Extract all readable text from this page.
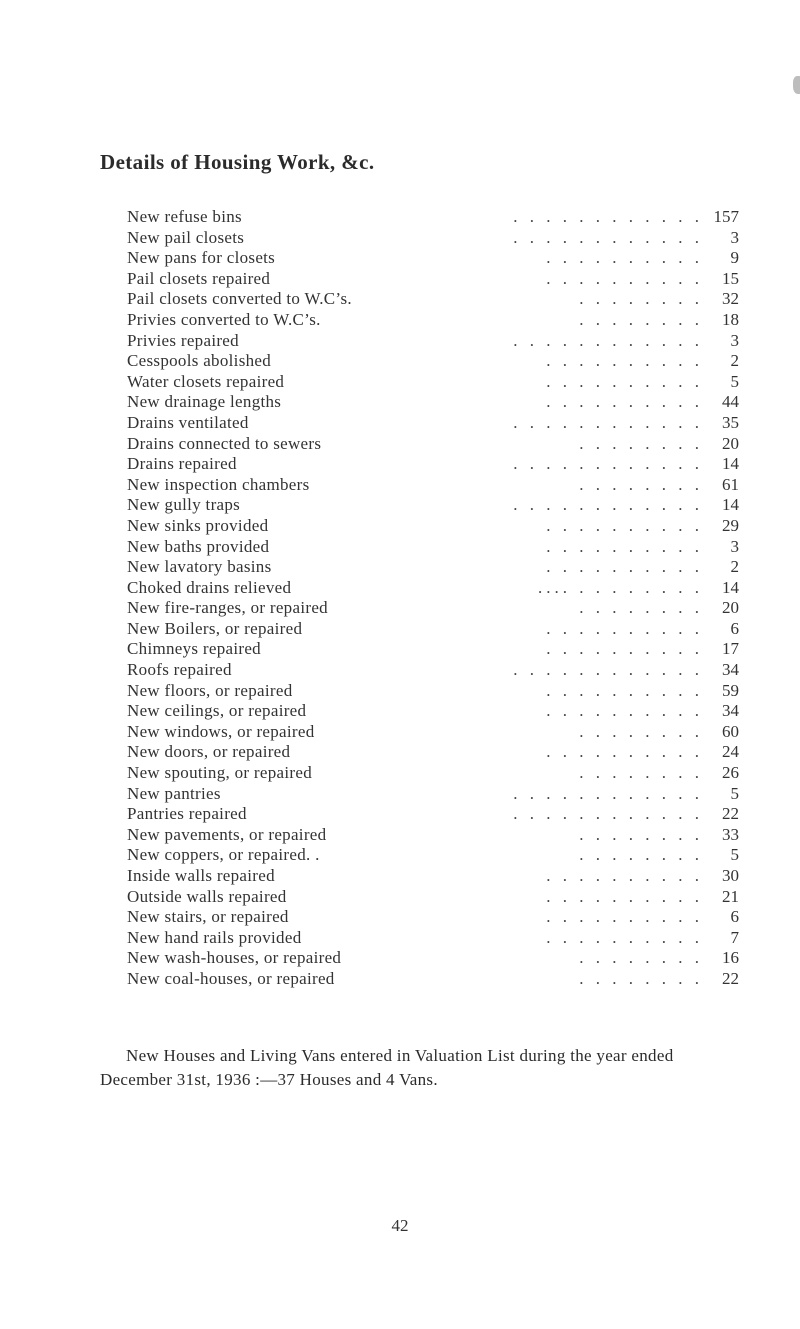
Details of Housing Work, &c.
. . . . . . . . . . . .
New refuse bins	157
. . . . . . . . . . . .
New pail closets	3
. . . . . . . . . .
New pans for closets	9
. . . . . . . . . .
Pail closets repaired	15
. . . . . . . .
Pail closets converted to W.C’s.	32
. . . . . . . .
Privies converted to W.C’s.	18
. . . . . . . . . . . .
Privies repaired	3
. . . . . . . . . .
Cesspools abolished	2
. . . . . . . . . .
Water closets repaired	5
. . . . . . . . . .
New drainage lengths	44
. . . . . . . . . . . .
Drains ventilated	35
. . . . . . . .
Drains connected to sewers	20
. . . . . . . . . . . .
Drains repaired	14
. . . . . . . .
New inspection chambers	61
. . . . . . . . . . . .
New gully traps	14
. . . . . . . . . .
New sinks provided	29
. . . . . . . . . .
New baths provided	3
. . . . . . . . . .
New lavatory basins	2
.... . . . . . . . .
Choked drains relieved	14
. . . . . . . .
New fire-ranges, or repaired	20
. . . . . . . . . .
New Boilers, or repaired	6
. . . . . . . . . .
Chimneys repaired	17
. . . . . . . . . . . .
Roofs repaired	34
. . . . . . . . . .
New floors, or repaired	59
. . . . . . . . . .
New ceilings, or repaired	34
. . . . . . . .
New windows, or repaired	60
. . . . . . . . . .
New doors, or repaired	24
. . . . . . . .
New spouting, or repaired	26
. . . . . . . . . . . .
New pantries	5
. . . . . . . . . . . .
Pantries repaired	22
. . . . . . . .
New pavements, or repaired	33
. . . . . . . .
New coppers, or repaired. .	5
. . . . . . . . . .
Inside walls repaired	30
. . . . . . . . . .
Outside walls repaired	21
. . . . . . . . . .
New stairs, or repaired	6
. . . . . . . . . .
New hand rails provided	7
. . . . . . . .
New wash-houses, or repaired	16
. . . . . . . .
New coal-houses, or repaired	22

New Houses and Living Vans entered in Valuation List during the year ended December 31st, 1936 :—37 Houses and 4 Vans.

42
